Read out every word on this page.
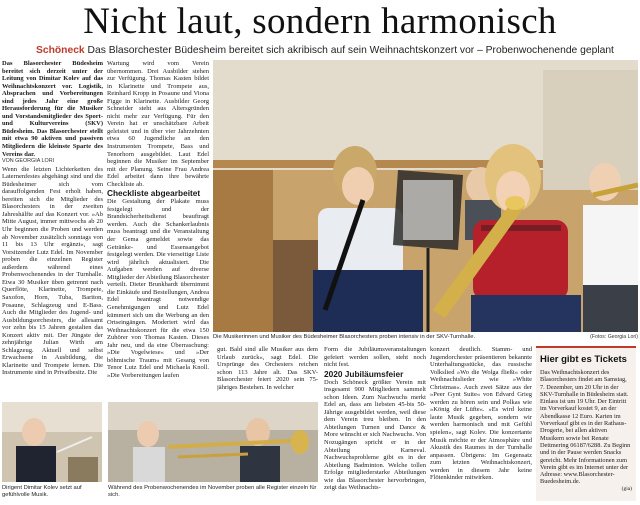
Nicht laut, sondern harmonisch
Schöneck Das Blasorchester Büdesheim bereitet sich akribisch auf sein Weihnachtskonzert vor – Probenwochenende geplant

Das Blasorchester Büdesheim bereitet sich derzeit unter der Leitung von Dimitar Kolev auf das Weihnachtskonzert vor. Logistik, Absprachen und Vorbereitungen sind jedes Jahr eine große Herausforderung für die Musiker und Vorstandsmitglieder des Sport- und Kulturvereins (SKV) Büdesheim. Das Blasorchester stellt mit etwa 90 aktiven und passiven Mitgliedern die kleinste Sparte des Vereins dar.

VON GEORGIA LORI

Wenn die letzten Lichterketten des Laternenfestes abgehängt sind und die Büdesheimer sich vom darauffolgenden Fest erholt haben, bereiten sich die Mitglieder des Blasorchesters in der zweiten Jahreshälfte auf das Konzert vor. »Ab Mitte August, immer mittwochs ab 20 Uhr beginnen die Proben und werden ab November zusätzlich sonntags von 11 bis 13 Uhr ergänzt«, sagt Vorsitzender Lutz Edel. Im November proben die einzelnen Register außerdem während eines Probenwochenendes in der Turnhalle. Etwa 30 Musiker üben getrennt nach Querflöte, Klarinette, Trompete, Saxofon, Horn, Tuba, Bariton, Posaune, Schlagzeug und E-Bass. Auch die Mitglieder des Jugend- und Ausbildungsorchesters, die allesamt vor zehn bis 15 Jahren gestalten das Konzert aktiv mit. Der Jüngste der zehnjährige Julian Wirth am Schlagzeug. Aktuell und selbst Erwachsene in Ausbildung, die Klarinette und Trompete lernen. Die Instrumente sind in Privatbesitz. Die

Wartung wird vom Verein übernommen. Drei Ausbilder stehen zur Verfügung. Thomas Kasten bildet in Klarinette und Trompete aus, Reinhard Kropp in Posaune und Viona Figge in Klarinette. Ausbilder Georg Schneider steht aus Altersgründen nicht mehr zur Verfügung. Für den Verein hat er unschätzbare Arbeit geleistet und in über vier Jahrzehnten etwa 60 Jugendliche an den Instrumenten Trompete, Bass und Tenorhorn ausgebildet. Laut Edel beginnen die Musiker im September mit der Planung. Seine Frau Andrea Edel arbeitet dann ihre bewährte Checkliste ab.

Checkliste abgearbeitet

Die Gestaltung der Plakate muss festgelegt und der Brandsicherheitsdienst beauftragt werden. Auch die Schankerlaubnis muss beantragt und die Veranstaltung der Gema gemeldet sowie das Getränke- und Essensangebot festgelegt werden. Die vierseitige Liste wird jährlich aktualisiert. Die Aufgaben werden auf diverse Mitglieder der Abteilung Blasorchester verteilt. Dieter Brunkhardt übernimmt die Einkäufe und Bestellungen, Andrea Edel beantragt notwendige Genehmigungen und Lutz Edel kümmert sich um die Werbung an den Ortseingängen. Moderiert wird das Weihnachtskonzert für die etwa 150 Zuhörer von Thomas Kasten. Dieses Jahr neu, und da eine Überraschung: »Die Vogelwiese« und »Der böhmische Traum« mit Gesang von Tenor Lutz Edel und Michaela Knoll. »Die Vorbereitungen laufen

Die Musikerinnen und Musiker des Büdesheimer Blasorchesters proben intensiv in der SKV-Turnhalle.	(Fotos: Georgia Lori)

gut. Bald sind alle Musiker aus dem Urlaub zurück«, sagt Edel. Die Ursprünge des Orchesters reichen schon 113 Jahre alt. Das SKV-Blasorchester feiert 2020 sein 75-jähriges Bestehen. In welcher

Form die Jubiläumsveranstaltungen gefeiert werden sollen, steht noch nicht fest.

2020 Jubiläumsfeier

Doch Schöneck größter Verein mit insgesamt 900 Mitgliedern sammelt schon Ideen. Zum Nachwuchs merkt Edel an, dass am liebsten 45-bis 50-Jährige ausgebildet werden, weil diese dem Verein treu bleiben. In den Abteilungen Turnen und Dance & More wünscht er sich Nachwuchs. Von Nozugängen spricht er in der Abteilung Karneval. Nachwuchsprobleme gibt es in der Abteilung Badminton. Welche tollen Erfolge mitgliederstarke Abteilungen wie das Blasorchester hervorbringen, zeigt das Weihnachts-

konzert deutlich. Stamm- und Jugendorchester präsentieren bekannte Unterhaltungsstücke, das russische Volkslied »Wo die Wolga fließt« oder Weihnachtslieder wie »White Christmas«. Auch zwei Sätze aus der »Peer Gynt Suite« von Edvard Grieg werden zu hören sein und Polkas wie »König der Lüfte«. »Es wird keine laute Musik gegeben, sondern wir werden harmonisch und mit Gefühl spielen«, sagt Kolev. Die konzertante Musik möchte er der Atmosphäre und Akustik des Raumes in der Turnhalle anpassen. Übrigens: Im Gegensatz zum letzten Weihnachtskonzert, werden in diesem Jahr keine Flötenkinder mitwirken.

Dirigent Dimitar Kolev setzt auf gefühlvolle Musik.
Während des Probenwochenendes im November proben alle Register einzeln für sich.
Hier gibt es Tickets

Das Weihnachtskonzert des Blasorchesters findet am Samstag, 7. Dezember, um 20 Uhr in der SKV-Turnhalle in Büdesheim statt. Einlass ist um 19 Uhr. Der Eintritt im Vorverkauf kostet 9, an der Abendkasse 12 Euro. Karten im Vorverkauf gibt es in der Rathaus-Drogerie, bei allen aktiven Musikern sowie bei Renate Dettmering 06187/6288. Zu Beginn und in der Pause werden Snacks gereicht. Mehr Informationen zum Verein gibt es im Internet unter der Adresse: www.Blasorchester-Buedesheim.de.

(gia)
